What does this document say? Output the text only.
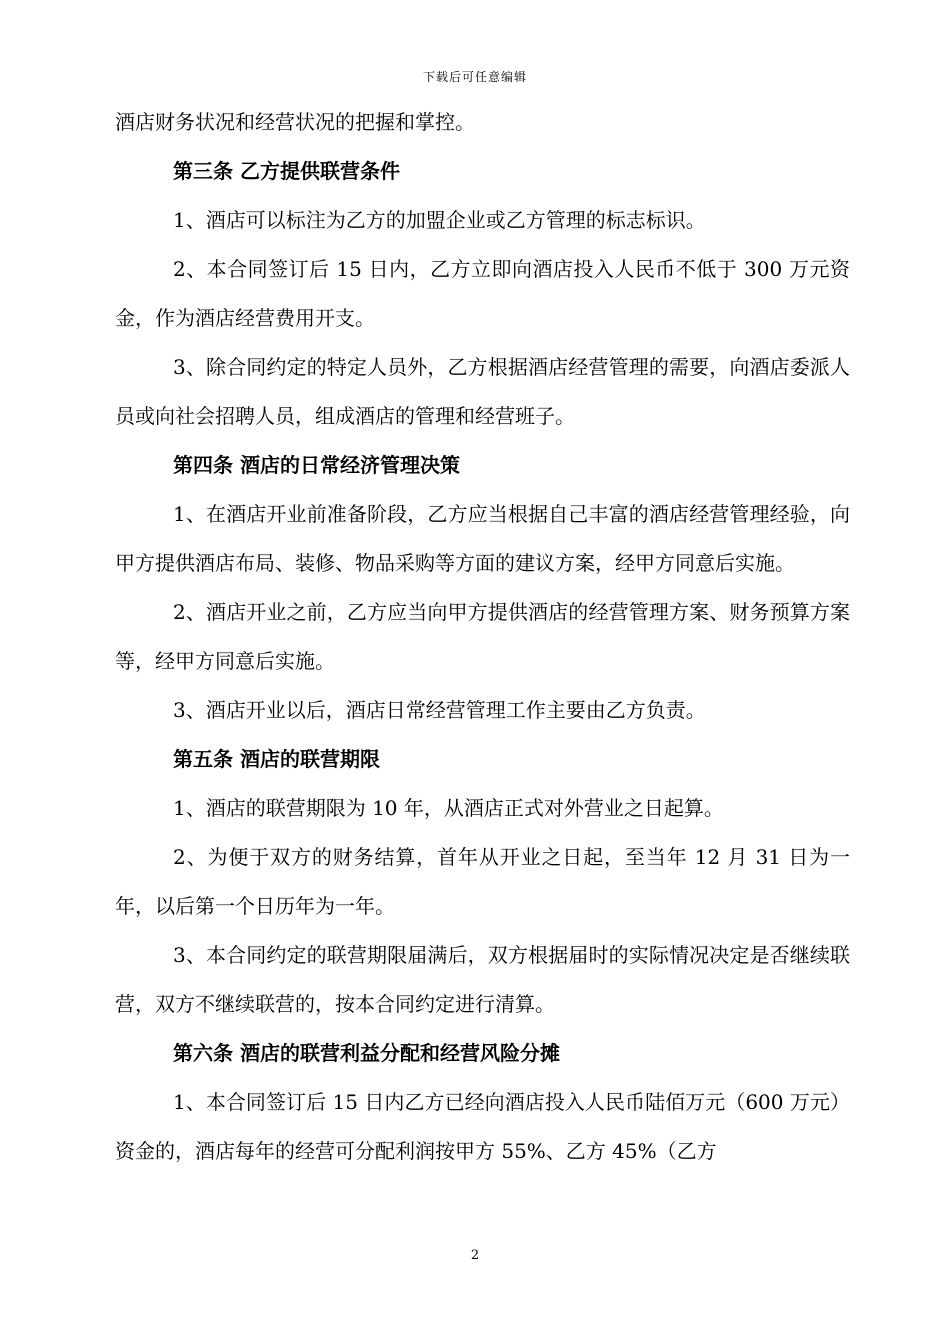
下载后可任意编辑

酒店财务状况和经营状况的把握和掌控。

第三条 乙方提供联营条件

1、酒店可以标注为乙方的加盟企业或乙方管理的标志标识。

2、本合同签订后 15 日内，乙方立即向酒店投入人民币不低于 300 万元资金，作为酒店经营费用开支。

3、除合同约定的特定人员外，乙方根据酒店经营管理的需要，向酒店委派人员或向社会招聘人员，组成酒店的管理和经营班子。

第四条 酒店的日常经济管理决策

1、在酒店开业前准备阶段，乙方应当根据自己丰富的酒店经营管理经验，向甲方提供酒店布局、装修、物品采购等方面的建议方案，经甲方同意后实施。

2、酒店开业之前，乙方应当向甲方提供酒店的经营管理方案、财务预算方案等，经甲方同意后实施。

3、酒店开业以后，酒店日常经营管理工作主要由乙方负责。

第五条 酒店的联营期限

1、酒店的联营期限为 10 年，从酒店正式对外营业之日起算。

2、为便于双方的财务结算，首年从开业之日起，至当年 12 月 31 日为一年，以后第一个日历年为一年。

3、本合同约定的联营期限届满后，双方根据届时的实际情况决定是否继续联营，双方不继续联营的，按本合同约定进行清算。

第六条 酒店的联营利益分配和经营风险分摊

1、本合同签订后 15 日内乙方已经向酒店投入人民币陆佰万元（600 万元）资金的，酒店每年的经营可分配利润按甲方 55%、乙方 45%（乙方

2
